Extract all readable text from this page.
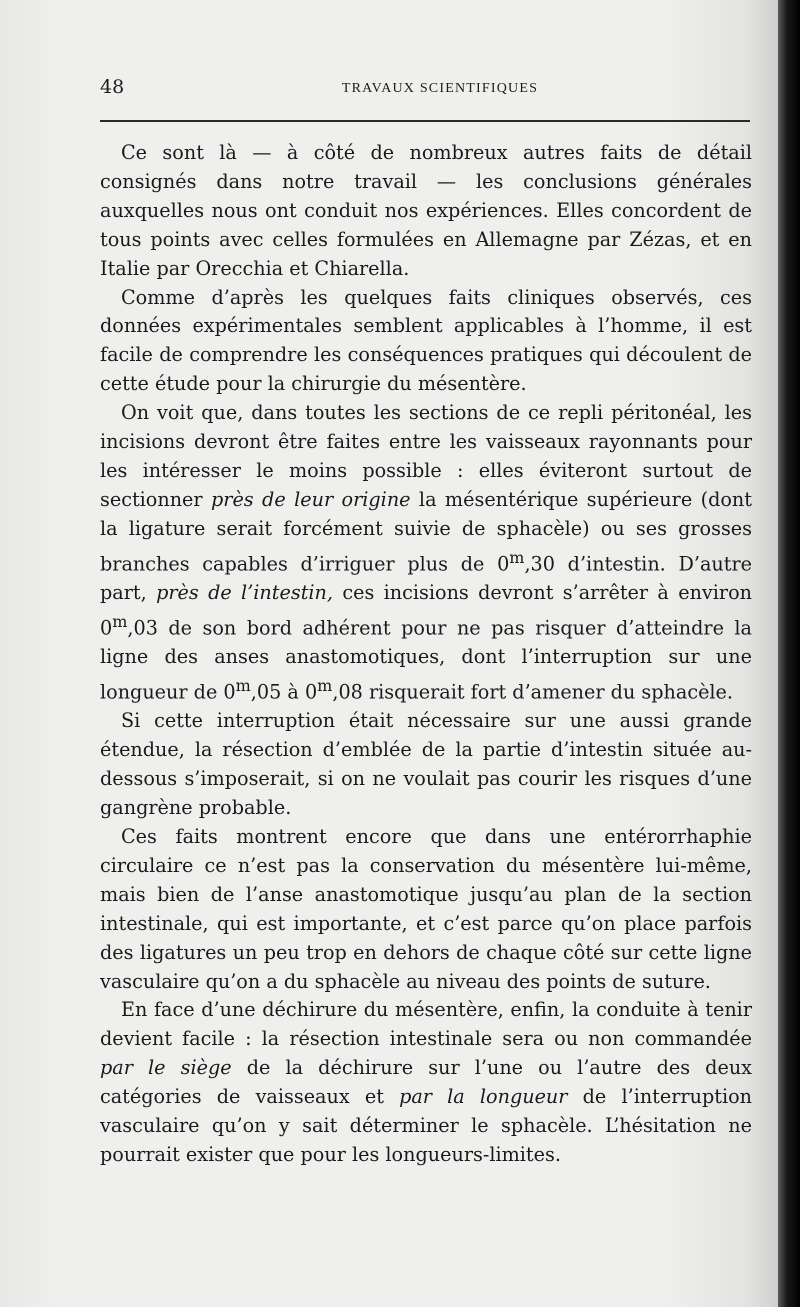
48	TRAVAUX SCIENTIFIQUES

Ce sont là — à côté de nombreux autres faits de détail consignés dans notre travail — les conclusions générales auxquelles nous ont conduit nos expériences. Elles concordent de tous points avec celles formulées en Allemagne par Zézas, et en Italie par Orecchia et Chiarella.

Comme d’après les quelques faits cliniques observés, ces données expérimentales semblent applicables à l’homme, il est facile de comprendre les conséquences pratiques qui découlent de cette étude pour la chirurgie du mésentère.

On voit que, dans toutes les sections de ce repli péritonéal, les incisions devront être faites entre les vaisseaux rayonnants pour les intéresser le moins possible : elles éviteront surtout de sectionner près de leur origine la mésentérique supérieure (dont la ligature serait forcément suivie de sphacèle) ou ses grosses branches capables d’irriguer plus de 0$^m$,30 d’intestin. D’autre part, près de l’intestin, ces incisions devront s’arrêter à environ 0$^m$,03 de son bord adhérent pour ne pas risquer d’atteindre la ligne des anses anastomotiques, dont l’interruption sur une longueur de 0$^m$,05 à 0$^m$,08 risquerait fort d’amener du sphacèle.

Si cette interruption était nécessaire sur une aussi grande étendue, la résection d’emblée de la partie d’intestin située au-dessous s’imposerait, si on ne voulait pas courir les risques d’une gangrène probable.

Ces faits montrent encore que dans une entérorrhaphie circulaire ce n’est pas la conservation du mésentère lui-même, mais bien de l’anse anastomotique jusqu’au plan de la section intestinale, qui est importante, et c’est parce qu’on place parfois des ligatures un peu trop en dehors de chaque côté sur cette ligne vasculaire qu’on a du sphacèle au niveau des points de suture.

En face d’une déchirure du mésentère, enfin, la conduite à tenir devient facile : la résection intestinale sera ou non commandée par le siège de la déchirure sur l’une ou l’autre des deux catégories de vaisseaux et par la longueur de l’interruption vasculaire qu’on y sait déterminer le sphacèle. L’hésitation ne pourrait exister que pour les longueurs-limites.
